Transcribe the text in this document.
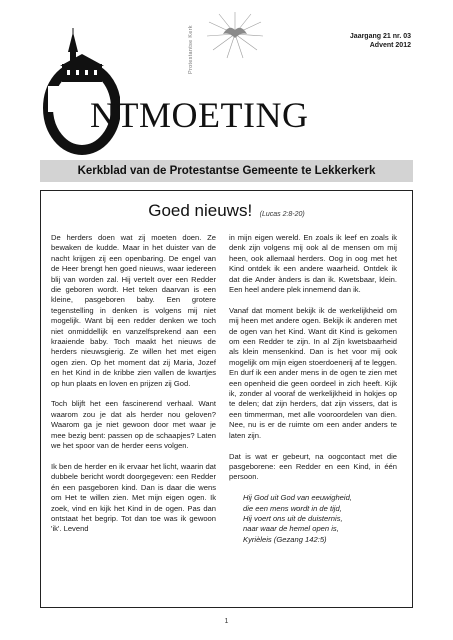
Protestantse Kerk	Jaargang 21 nr. 03
Advent 2012
NTMOETING
Kerkblad van de Protestantse Gemeente te Lekkerkerk
Goed nieuws! (Lucas 2:8-20)

De herders doen wat zij moeten doen. Ze bewaken de kudde. Maar in het duister van de nacht krijgen zij een openbaring. De engel van de Heer brengt hen goed nieuws, waar iedereen blij van worden zal. Hij vertelt over een Redder die geboren wordt. Het teken daarvan is een kleine, pasgeboren baby. Een grotere tegenstelling in denken is volgens mij niet mogelijk. Want bij een redder denken we toch niet onmiddellijk en vanzelfsprekend aan een kraaiende baby. Toch maakt het nieuws de herders nieuwsgierig. Ze willen het met eigen ogen zien. Op het moment dat zij Maria, Jozef en het Kind in de kribbe zien vallen de kwartjes op hun plaats en loven en prijzen zij God.

Toch blijft het een fascinerend verhaal. Want waarom zou je dat als herder nou geloven? Waarom ga je niet gewoon door met waar je mee bezig bent: passen op de schaapjes? Laten we het spoor van de herder eens volgen.

Ik ben de herder en ik ervaar het licht, waarin dat dubbele bericht wordt doorgegeven: een Redder én een pasgeboren kind. Dan is daar die wens om Het te willen zien. Met mijn eigen ogen. Ik zoek, vind en kijk het Kind in de ogen. Pas dan ontstaat het begrip. Tot dan toe was ik gewoon 'ik'. Levend

in mijn eigen wereld. En zoals ik leef en zoals ik denk zijn volgens mij ook al de mensen om mij heen, ook allemaal herders. Oog in oog met het Kind ontdek ik een andere waarheid. Ontdek ik dat die Ander ànders is dan ik. Kwetsbaar, klein. Een heel andere plek innemend dan ik.

Vanaf dat moment bekijk ik de werkelijkheid om mij heen met andere ogen. Bekijk ik anderen met de ogen van het Kind. Want dit Kind is gekomen om een Redder te zijn. In al Zijn kwetsbaarheid als klein mensenkind. Dan is het voor mij ook mogelijk om mijn eigen stoerdoenerij af te leggen. En durf ik een ander mens in de ogen te zien met een openheid die geen oordeel in zich heeft. Kijk ik, zonder al vooraf de werkelijkheid in hokjes op te delen; dat zijn herders, dat zijn vissers, dat is een timmerman, met alle vooroordelen van dien. Nee, nu is er de ruimte om een ander anders te laten zijn.

Dat is wat er gebeurt, na oogcontact met die pasgeborene: een Redder en een Kind, in één persoon.

Hij God uit God van eeuwigheid,
die een mens wordt in de tijd,
Hij voert ons uit de duisternis,
naar waar de hemel open is,
Kyrièleis (Gezang 142:5)
1
